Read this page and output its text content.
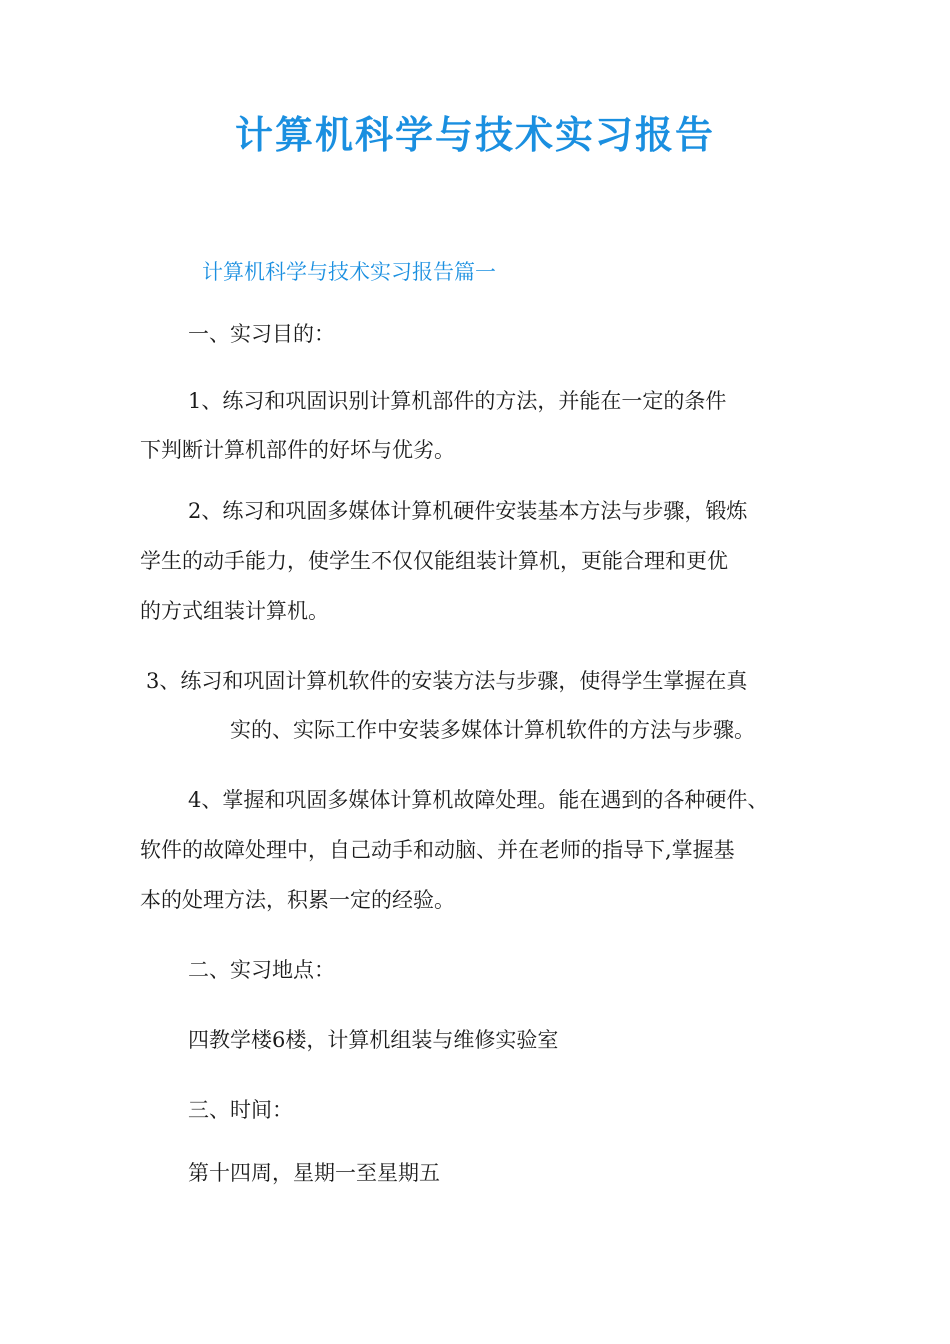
计算机科学与技术实习报告

计算机科学与技术实习报告篇一

一、实习目的：

1、练习和巩固识别计算机部件的方法，并能在一定的条件

下判断计算机部件的好坏与优劣。

2、练习和巩固多媒体计算机硬件安装基本方法与步骤，锻炼

学生的动手能力，使学生不仅仅能组装计算机，更能合理和更优

的方式组装计算机。

3、练习和巩固计算机软件的安装方法与步骤，使得学生掌握在真

实的、实际工作中安装多媒体计算机软件的方法与步骤。

4、掌握和巩固多媒体计算机故障处理。能在遇到的各种硬件、

软件的故障处理中，自己动手和动脑、并在老师的指导下,掌握基

本的处理方法，积累一定的经验。

二、实习地点：

四教学楼6楼，计算机组装与维修实验室

三、时间：

第十四周，星期一至星期五
